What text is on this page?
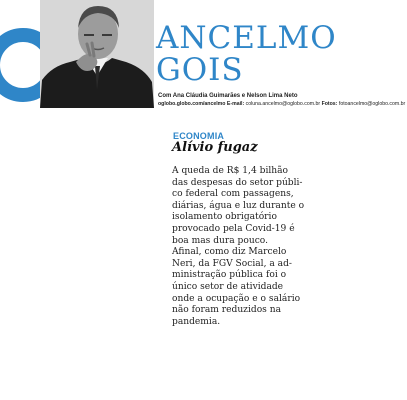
ANCELMO
GOIS

Com Ana Cláudia Guimarães e Nelson Lima Neto

oglobo.globo.com/ancelmo E-mail: coluna.ancelmo@oglobo.com.br Fotos: fotoancelmo@oglobo.com.br

ECONOMIA

Alívio fugaz
A queda de R$ 1,4 bilhão
das despesas do setor públi-
co federal com passagens,
diárias, água e luz durante o
isolamento obrigatório
provocado pela Covid-19 é
boa mas dura pouco.
Afinal, como diz Marcelo
Neri, da FGV Social, a ad-
ministração pública foi o
único setor de atividade
onde a ocupação e o salário
não foram reduzidos na
pandemia.
